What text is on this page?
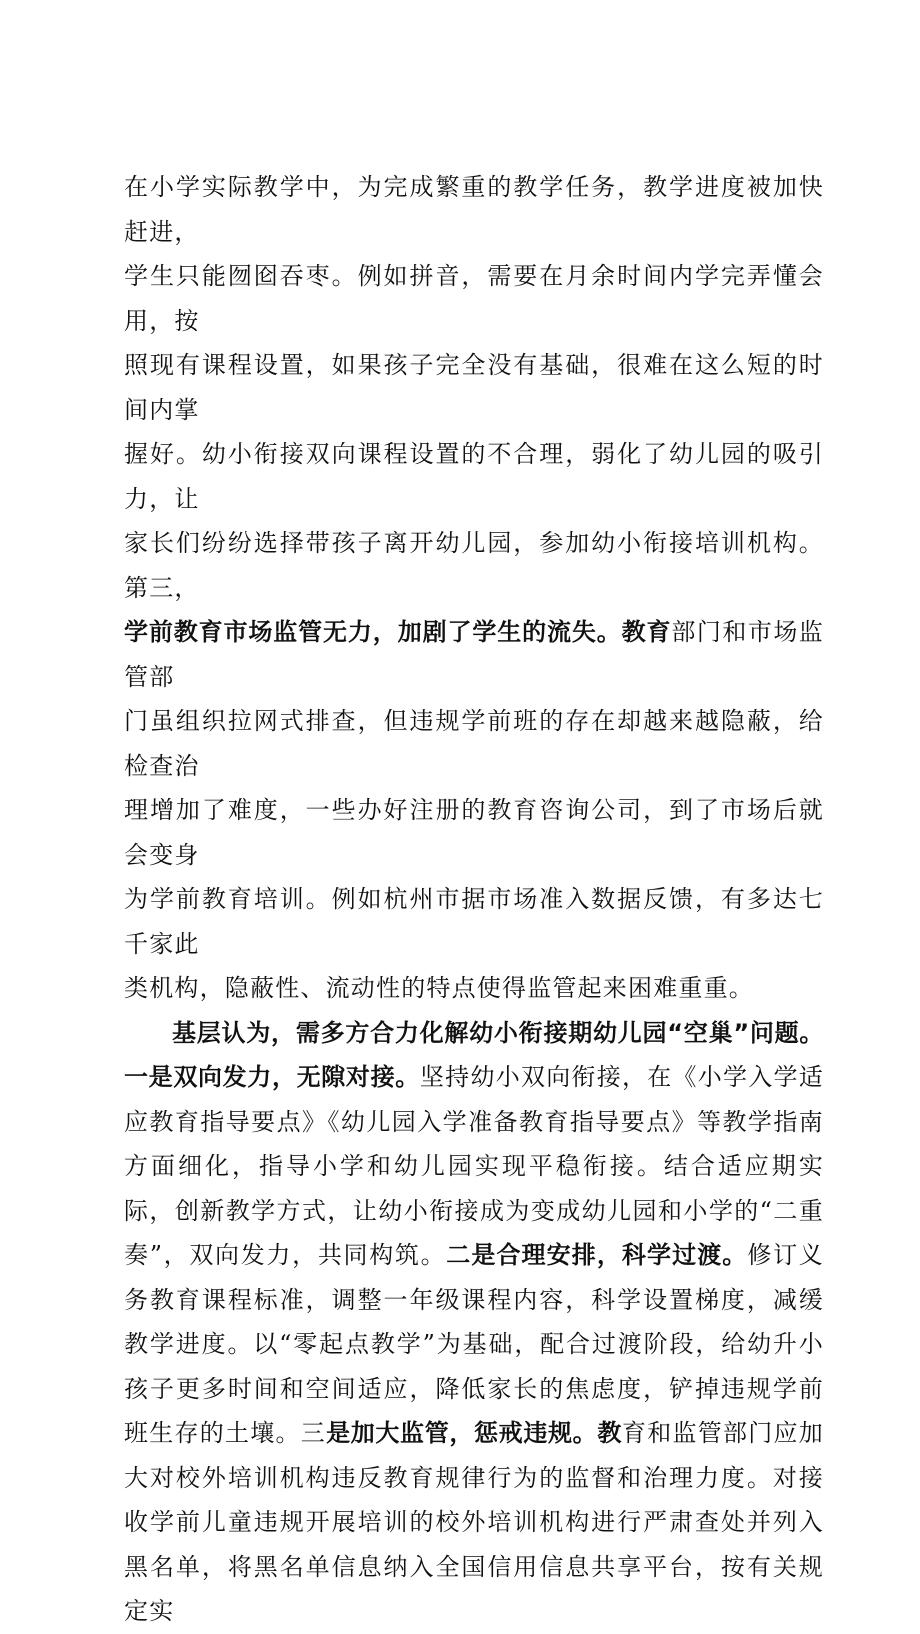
在小学实际教学中，为完成繁重的教学任务，教学进度被加快赶进，
学生只能囫囵吞枣。例如拼音，需要在月余时间内学完弄懂会用，按
照现有课程设置，如果孩子完全没有基础，很难在这么短的时间内掌
握好。幼小衔接双向课程设置的不合理，弱化了幼儿园的吸引力，让
家长们纷纷选择带孩子离开幼儿园，参加幼小衔接培训机构。第三，
学前教育市场监管无力，加剧了学生的流失。教育部门和市场监管部
门虽组织拉网式排查，但违规学前班的存在却越来越隐蔽，给检查治
理增加了难度，一些办好注册的教育咨询公司，到了市场后就会变身
为学前教育培训。例如杭州市据市场准入数据反馈，有多达七千家此
类机构，隐蔽性、流动性的特点使得监管起来困难重重。

基层认为，需多方合力化解幼小衔接期幼儿园“空巢”问题。一是双向发力，无隙对接。坚持幼小双向衔接，在《小学入学适应教育指导要点》《幼儿园入学准备教育指导要点》等教学指南方面细化，指导小学和幼儿园实现平稳衔接。结合适应期实际，创新教学方式，让幼小衔接成为变成幼儿园和小学的“二重奏”，双向发力，共同构筑。二是合理安排，科学过渡。修订义务教育课程标准，调整一年级课程内容，科学设置梯度，减缓教学进度。以“零起点教学”为基础，配合过渡阶段，给幼升小孩子更多时间和空间适应，降低家长的焦虑度，铲掉违规学前班生存的土壤。三是加大监管，惩戒违规。教育和监管部门应加大对校外培训机构违反教育规律行为的监督和治理力度。对接收学前儿童违规开展培训的校外培训机构进行严肃查处并列入黑名单，将黑名单信息纳入全国信用信息共享平台，按有关规定实
